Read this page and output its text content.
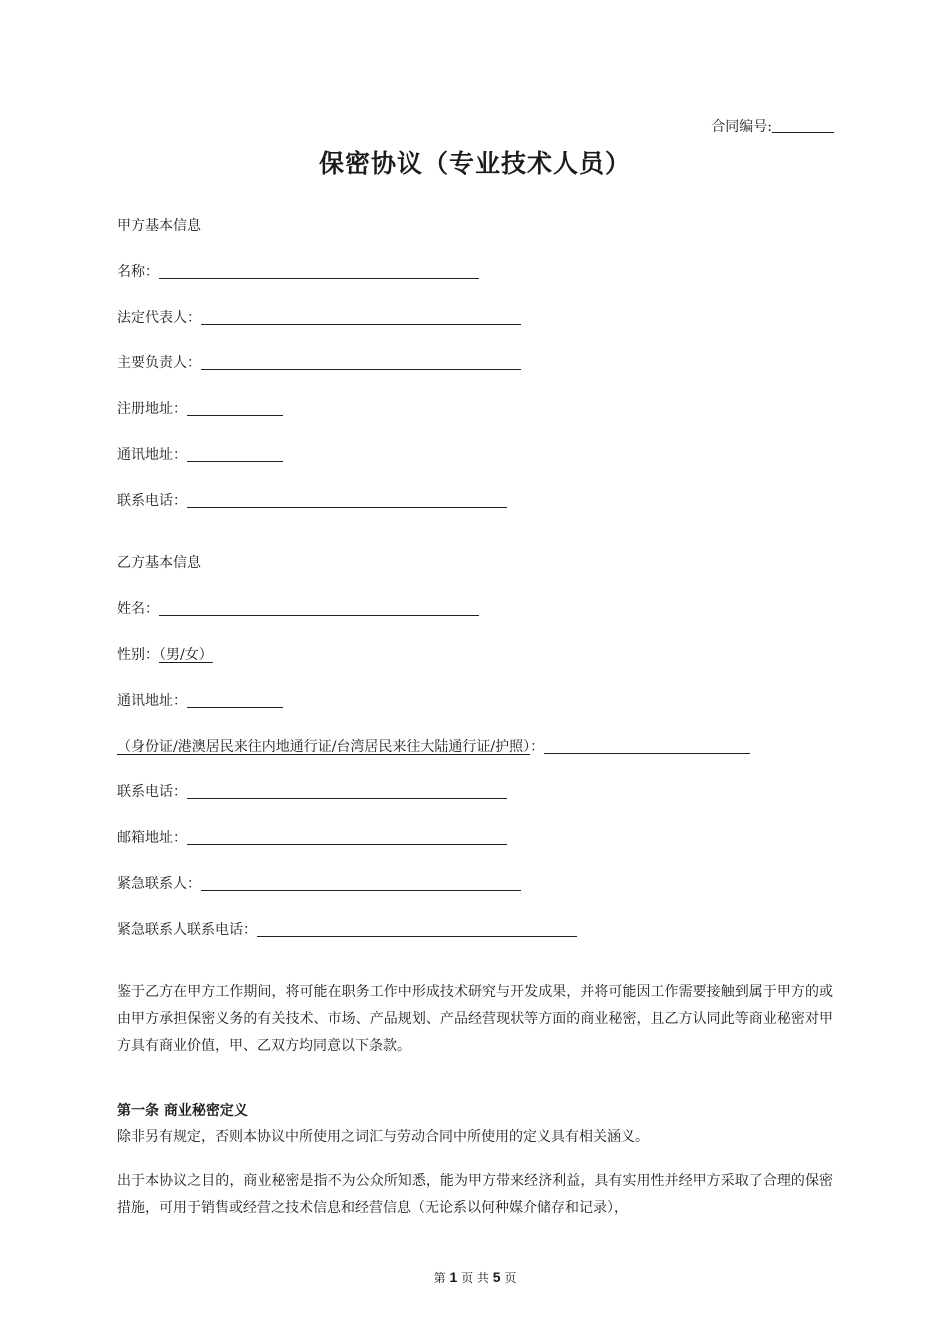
合同编号:
保密协议（专业技术人员）
甲方基本信息
名称：
法定代表人：
主要负责人：
注册地址：
通讯地址：
联系电话：
乙方基本信息
姓名：
性别：（男/女）
通讯地址：
（身份证/港澳居民来往内地通行证/台湾居民来往大陆通行证/护照）：
联系电话：
邮箱地址：
紧急联系人：
紧急联系人联系电话：
鉴于乙方在甲方工作期间，将可能在职务工作中形成技术研究与开发成果，并将可能因工作需要接触到属于甲方的或由甲方承担保密义务的有关技术、市场、产品规划、产品经营现状等方面的商业秘密，且乙方认同此等商业秘密对甲方具有商业价值，甲、乙双方均同意以下条款。
第一条 商业秘密定义
除非另有规定，否则本协议中所使用之词汇与劳动合同中所使用的定义具有相关涵义。
出于本协议之目的，商业秘密是指不为公众所知悉，能为甲方带来经济利益，具有实用性并经甲方采取了合理的保密措施，可用于销售或经营之技术信息和经营信息（无论系以何种媒介储存和记录），
第 1 页 共 5 页
